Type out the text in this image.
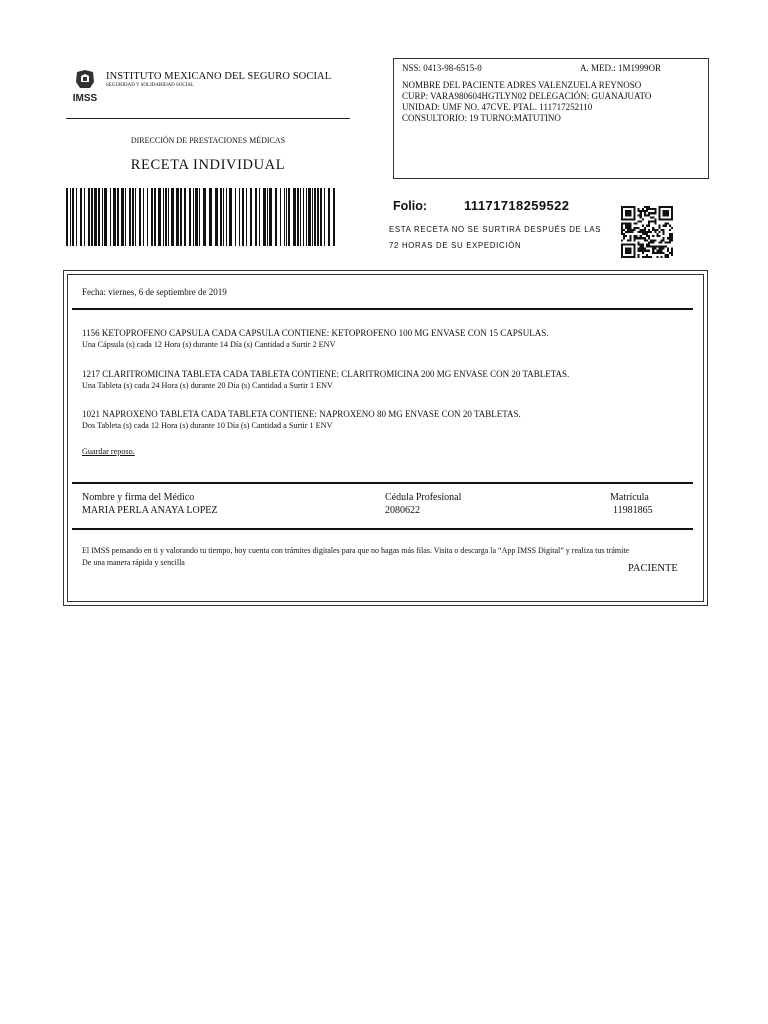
IMSS
INSTITUTO MEXICANO DEL SEGURO SOCIAL
SEGURIDAD Y SOLIDARIDAD SOCIAL
DIRECCIÓN DE PRESTACIONES MÉDICAS
RECETA INDIVIDUAL
NSS: 0413-98-6515-0	A. MED.: 1M1999OR
NOMBRE DEL PACIENTE ADRES VALENZUELA REYNOSO
CURP: VARA980604HGTLYN02 DELEGACIÓN: GUANAJUATO
UNIDAD: UMF NO. 47CVE. PTAL. 111717252110
CONSULTORIO: 19 TURNO:MATUTINO
Folio:	11171718259522
ESTA RECETA NO SE SURTIRÁ DESPUÉS DE LAS
72 HORAS DE SU EXPEDICIÓN
Fecha: viernes, 6 de septiembre de 2019
1156 KETOPROFENO CAPSULA CADA CAPSULA CONTIENE: KETOPROFENO 100 MG ENVASE CON 15 CAPSULAS.
Una Cápsula (s) cada 12 Hora (s) durante 14 Día (s) Cantidad a Surtir 2 ENV
1217 CLARITROMICINA TABLETA CADA TABLETA CONTIENE: CLARITROMICINA 200 MG ENVASE CON 20 TABLETAS.
Una Tableta (s) cada 24 Hora (s) durante 20 Día (s) Cantidad a Surtir 1 ENV
1021 NAPROXENO TABLETA CADA TABLETA CONTIENE: NAPROXENO 80 MG ENVASE CON 20 TABLETAS.
Dos Tableta (s) cada 12 Hora (s) durante 10 Día (s) Cantidad a Surtir 1 ENV
Guardar reposo.
Nombre y firma del Médico
MARIA PERLA ANAYA LOPEZ
Cédula Profesional
2080622
Matrícula
11981865
El IMSS pensando en ti y valorando tu tiempo, hoy cuenta con trámites digitales para que no hagas más filas. Visita o descarga la “App IMSS Digital” y realiza tus trámite
De una manera rápida y sencilla
PACIENTE
